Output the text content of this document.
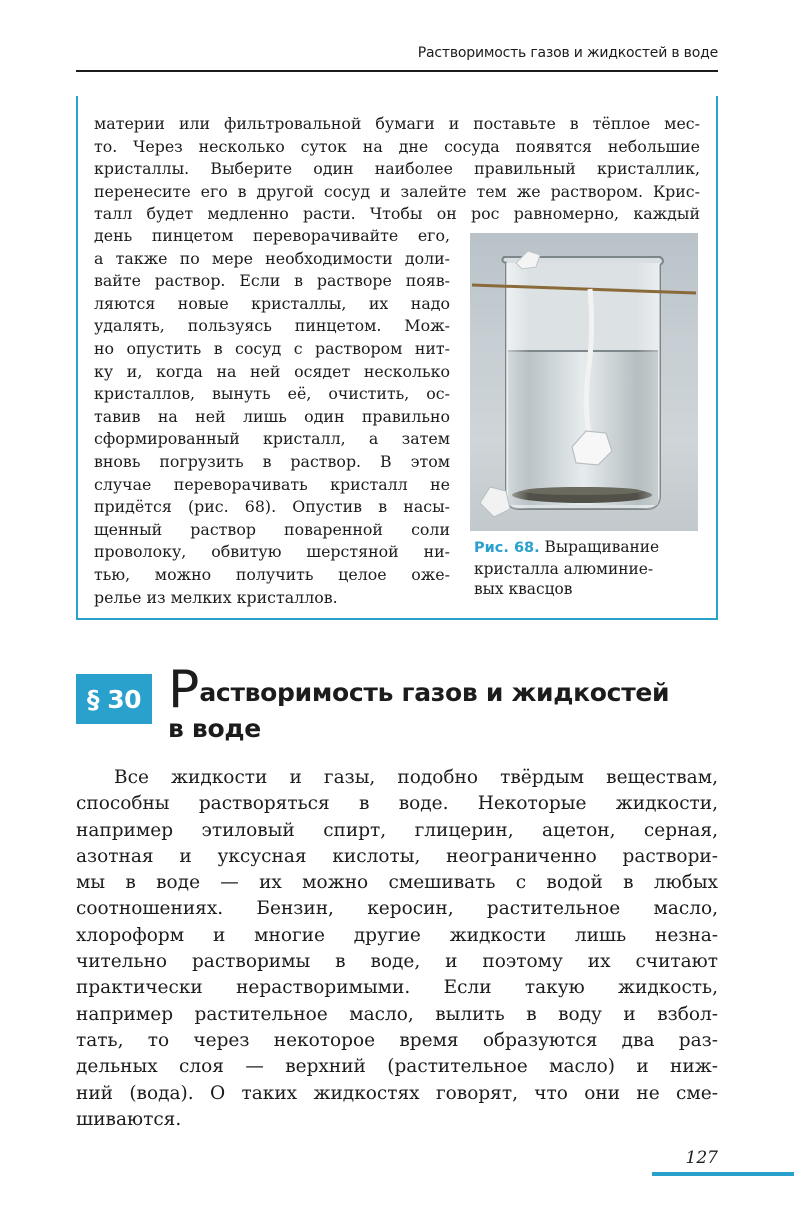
Растворимость газов и жидкостей в воде

материи или фильтровальной бумаги и поставьте в тёплое мес-
то. Через несколько суток на дне сосуда появятся небольшие
кристаллы. Выберите один наиболее правильный кристаллик,
перенесите его в другой сосуд и залейте тем же раствором. Крис-
талл будет медленно расти. Чтобы он рос равномерно, каждый

день пинцетом переворачивайте его,
а также по мере необходимости доли-
вайте раствор. Если в растворе появ-
ляются новые кристаллы, их надо
удалять, пользуясь пинцетом. Мож-
но опустить в сосуд с раствором нит-
ку и, когда на ней осядет несколько
кристаллов, вынуть её, очистить, ос-
тавив на ней лишь один правильно
сформированный кристалл, а затем
вновь погрузить в раствор. В этом
случае переворачивать кристалл не
придётся (рис. 68). Опустив в насы-
щенный раствор поваренной соли
проволоку, обвитую шерстяной ни-
тью, можно получить целое оже-
релье из мелких кристаллов.

Рис. 68. Выращивание
кристалла алюминие-
вых квасцов

§ 30 Растворимость газов и жидкостей
в воде

Все жидкости и газы, подобно твёрдым веществам,
способны растворяться в воде. Некоторые жидкости,
например этиловый спирт, глицерин, ацетон, серная,
азотная и уксусная кислоты, неограниченно раствори-
мы в воде — их можно смешивать с водой в любых
соотношениях. Бензин, керосин, растительное масло,
хлороформ и многие другие жидкости лишь незна-
чительно растворимы в воде, и поэтому их считают
практически нерастворимыми. Если такую жидкость,
например растительное масло, вылить в воду и взбол-
тать, то через некоторое время образуются два раз-
дельных слоя — верхний (растительное масло) и ниж-
ний (вода). О таких жидкостях говорят, что они не сме-
шиваются.

127
